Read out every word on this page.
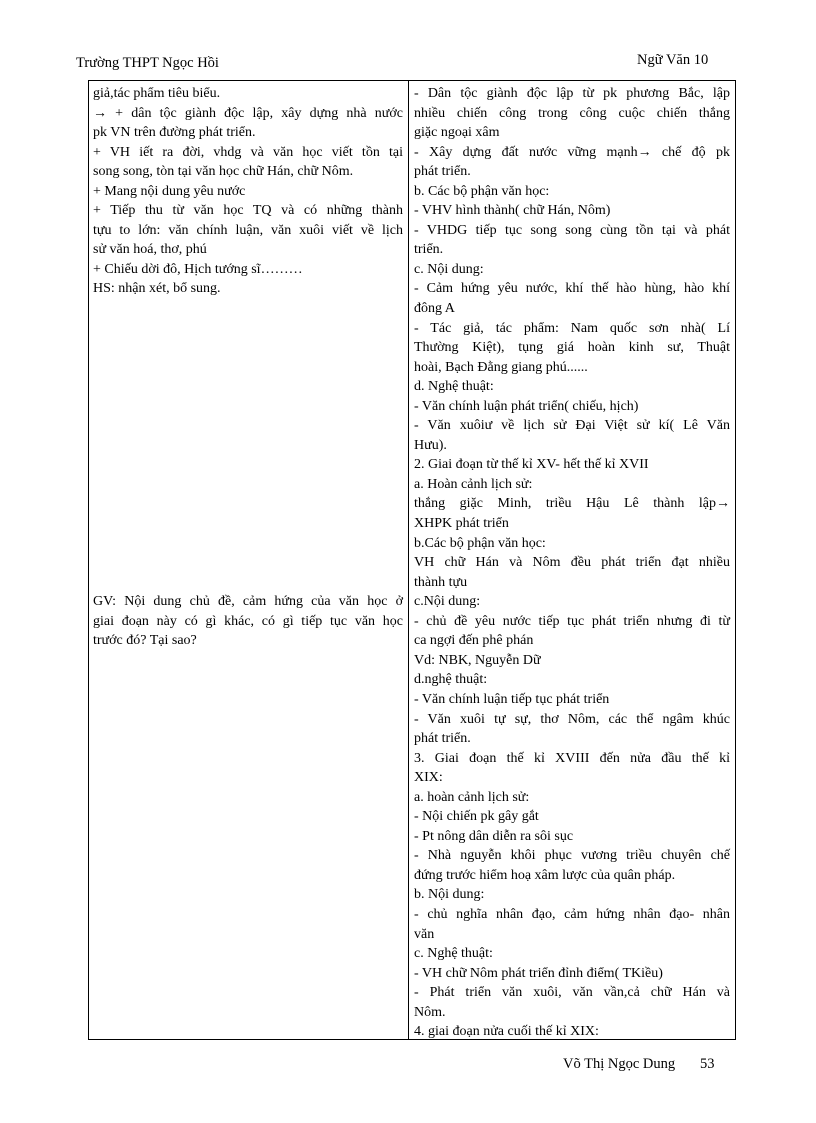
Trường THPT Ngọc Hồi	Ngữ Văn 10
giả,tác phẩm tiêu biểu.
→ + dân tộc giành độc lập, xây dựng nhà nước
pk VN trên đường phát triển.
+ VH iết ra đời, vhdg và văn học viết tồn tại
song song, tòn tại văn học chữ Hán, chữ Nôm.
+ Mang nội dung yêu nước
+ Tiếp thu từ văn học TQ và có những thành
tựu to lớn: văn chính luận, văn xuôi viết về lịch
sử văn hoá, thơ, phú
+ Chiếu dời đô, Hịch tướng sĩ………
HS: nhận xét, bổ sung.
GV: Nội dung chủ đề, cảm hứng của văn học ở
giai đoạn này có gì khác, có gì tiếp tục văn học
trước đó? Tại sao?
- Dân tộc giành độc lập từ pk phương Bắc, lập
nhiều chiến công trong công cuộc chiến thắng
giặc ngoại xâm
- Xây dựng đất nước vững mạnh→ chế độ pk
phát triển.
b. Các bộ phận văn học:
- VHV hình thành( chữ Hán, Nôm)
- VHDG tiếp tục song song cùng tồn tại và phát
triển.
c. Nội dung:
- Cảm hứng yêu nước, khí thế hào hùng, hào khí
đông A
- Tác giả, tác phẩm: Nam quốc sơn nhà( Lí
Thường Kiệt), tụng giá hoàn kinh sư, Thuật
hoài, Bạch Đằng giang phú......
d. Nghệ thuật:
- Văn chính luận phát triển( chiếu, hịch)
- Văn xuôiư về lịch sử Đại Việt sử kí( Lê Văn
Hưu).
2. Giai đoạn từ thế kỉ XV- hết thế kỉ XVII
a. Hoàn cảnh lịch sử:
thắng giặc Minh, triều Hậu Lê thành lập→
XHPK phát triển
b.Các bộ phận văn học:
VH chữ Hán và Nôm đều phát triển đạt nhiều
thành tựu
c.Nội dung:
- chủ đề yêu nước tiếp tục phát triển nhưng đi từ
ca ngợi đến phê phán
Vd: NBK, Nguyễn Dữ
d.nghệ thuật:
- Văn chính luận tiếp tục phát triển
- Văn xuôi tự sự, thơ Nôm, các thể ngâm khúc
phát triển.
3. Giai đoạn thế kỉ XVIII đến nửa đầu thế kỉ
XIX:
a. hoàn cảnh lịch sử:
- Nội chiến pk gây gắt
- Pt nông dân diễn ra sôi sục
- Nhà nguyễn khôi phục vương triều chuyên chế
đứng trước hiểm hoạ xâm lược của quân pháp.
b. Nội dung:
- chủ nghĩa nhân đạo, cảm hứng nhân đạo- nhân
văn
c. Nghệ thuật:
- VH chữ Nôm phát triển đỉnh điểm( TKiều)
- Phát triển văn xuôi, văn vần,cả chữ Hán và
Nôm.
4. giai đoạn nửa cuối thế kỉ XIX:
Võ Thị Ngọc Dung 53
